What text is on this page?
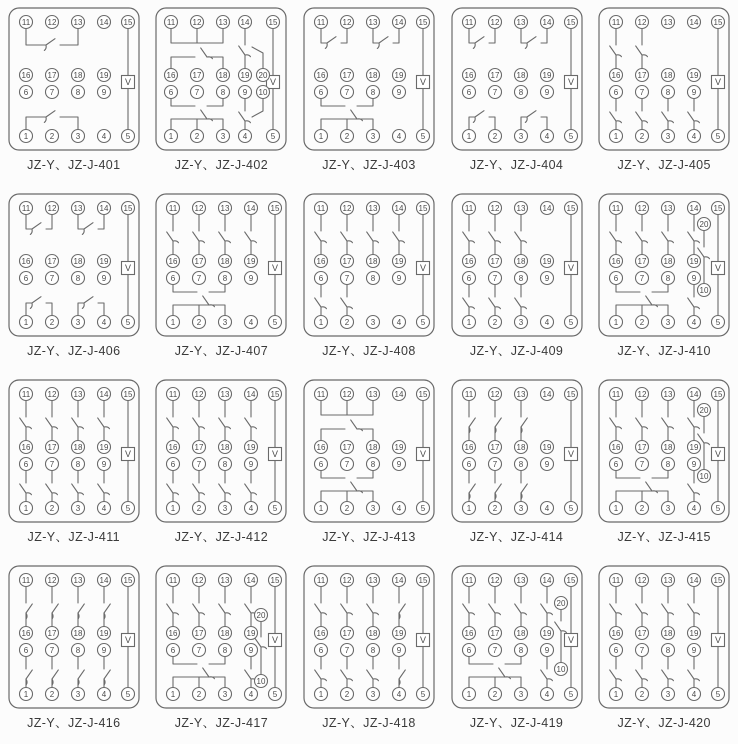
V
11 12 13 14 15
16 17 18 19
6	7	8	9
1	2	3	4 5
JZ-Y、JZ-J-401
V
11 12 13 14 15
16 17 18 19 20
6	7	8 9 10
1	2	3 4	5
JZ-Y、JZ-J-402
V
11 12 13 14 15
16 17 18 19
6	7	8	9
1	2	3	4 5
JZ-Y、JZ-J-403
V
11 12 13 14 15
16 17 18 19
6	7	8	9
1	2	3	4 5
JZ-Y、JZ-J-404
V
11 12 13 14 15
16 17 18 19
6	7	8	9
1	2	3	4 5
JZ-Y、JZ-J-405
V
11 12 13 14 15
16 17 18 19
6	7	8	9
1	2	3	4 5
JZ-Y、JZ-J-406
V
11 12 13 14 15
16 17 18 19
6	7	8	9
1	2	3	4 5
JZ-Y、JZ-J-407
V
11 12 13 14 15
16 17 18 19
6	7	8	9
1	2	3	4 5
JZ-Y、JZ-J-408
V
11 12 13 14 15
16 17 18 19
6	7	8	9
1	2	3	4 5
JZ-Y、JZ-J-409
V
11 12 13 14 15
16 17 18 19
6	7	8	9
1	2	3	4 5
20
10
JZ-Y、JZ-J-410
V
11 12 13 14 15
16 17 18 19
6	7	8	9
1	2	3	4 5
JZ-Y、JZ-J-411
V
11 12 13 14 15
16 17 18 19
6	7	8	9
1	2	3	4 5
JZ-Y、JZ-J-412
V
11 12 13 14 15
16 17 18 19
6	7	8	9
1	2	3	4 5
JZ-Y、JZ-J-413
V
11 12 13 14 15
16 17 18 19
6	7	8	9
1	2	3	4 5
JZ-Y、JZ-J-414
V
11 12 13 14 15
16 17 18 19
6	7	8	9
1	2	3	4 5
20
10
JZ-Y、JZ-J-415
V
11 12 13 14 15
16 17 18 19
6	7	8	9
1	2	3	4 5
JZ-Y、JZ-J-416
V
11 12 13 14 15
16 17 18 19
6	7	8	9
1	2	3	4 5
20
10
JZ-Y、JZ-J-417
V
11 12 13 14 15
16 17 18 19
6	7	8	9
1	2	3	4 5
JZ-Y、JZ-J-418
V
11 12 13 14 15
16 17 18 19
6	7	8	9
1	2	3	4 5
20
10
JZ-Y、JZ-J-419
V
11 12 13 14 15
16 17 18 19
6	7	8	9
1	2	3	4 5
JZ-Y、JZ-J-420
